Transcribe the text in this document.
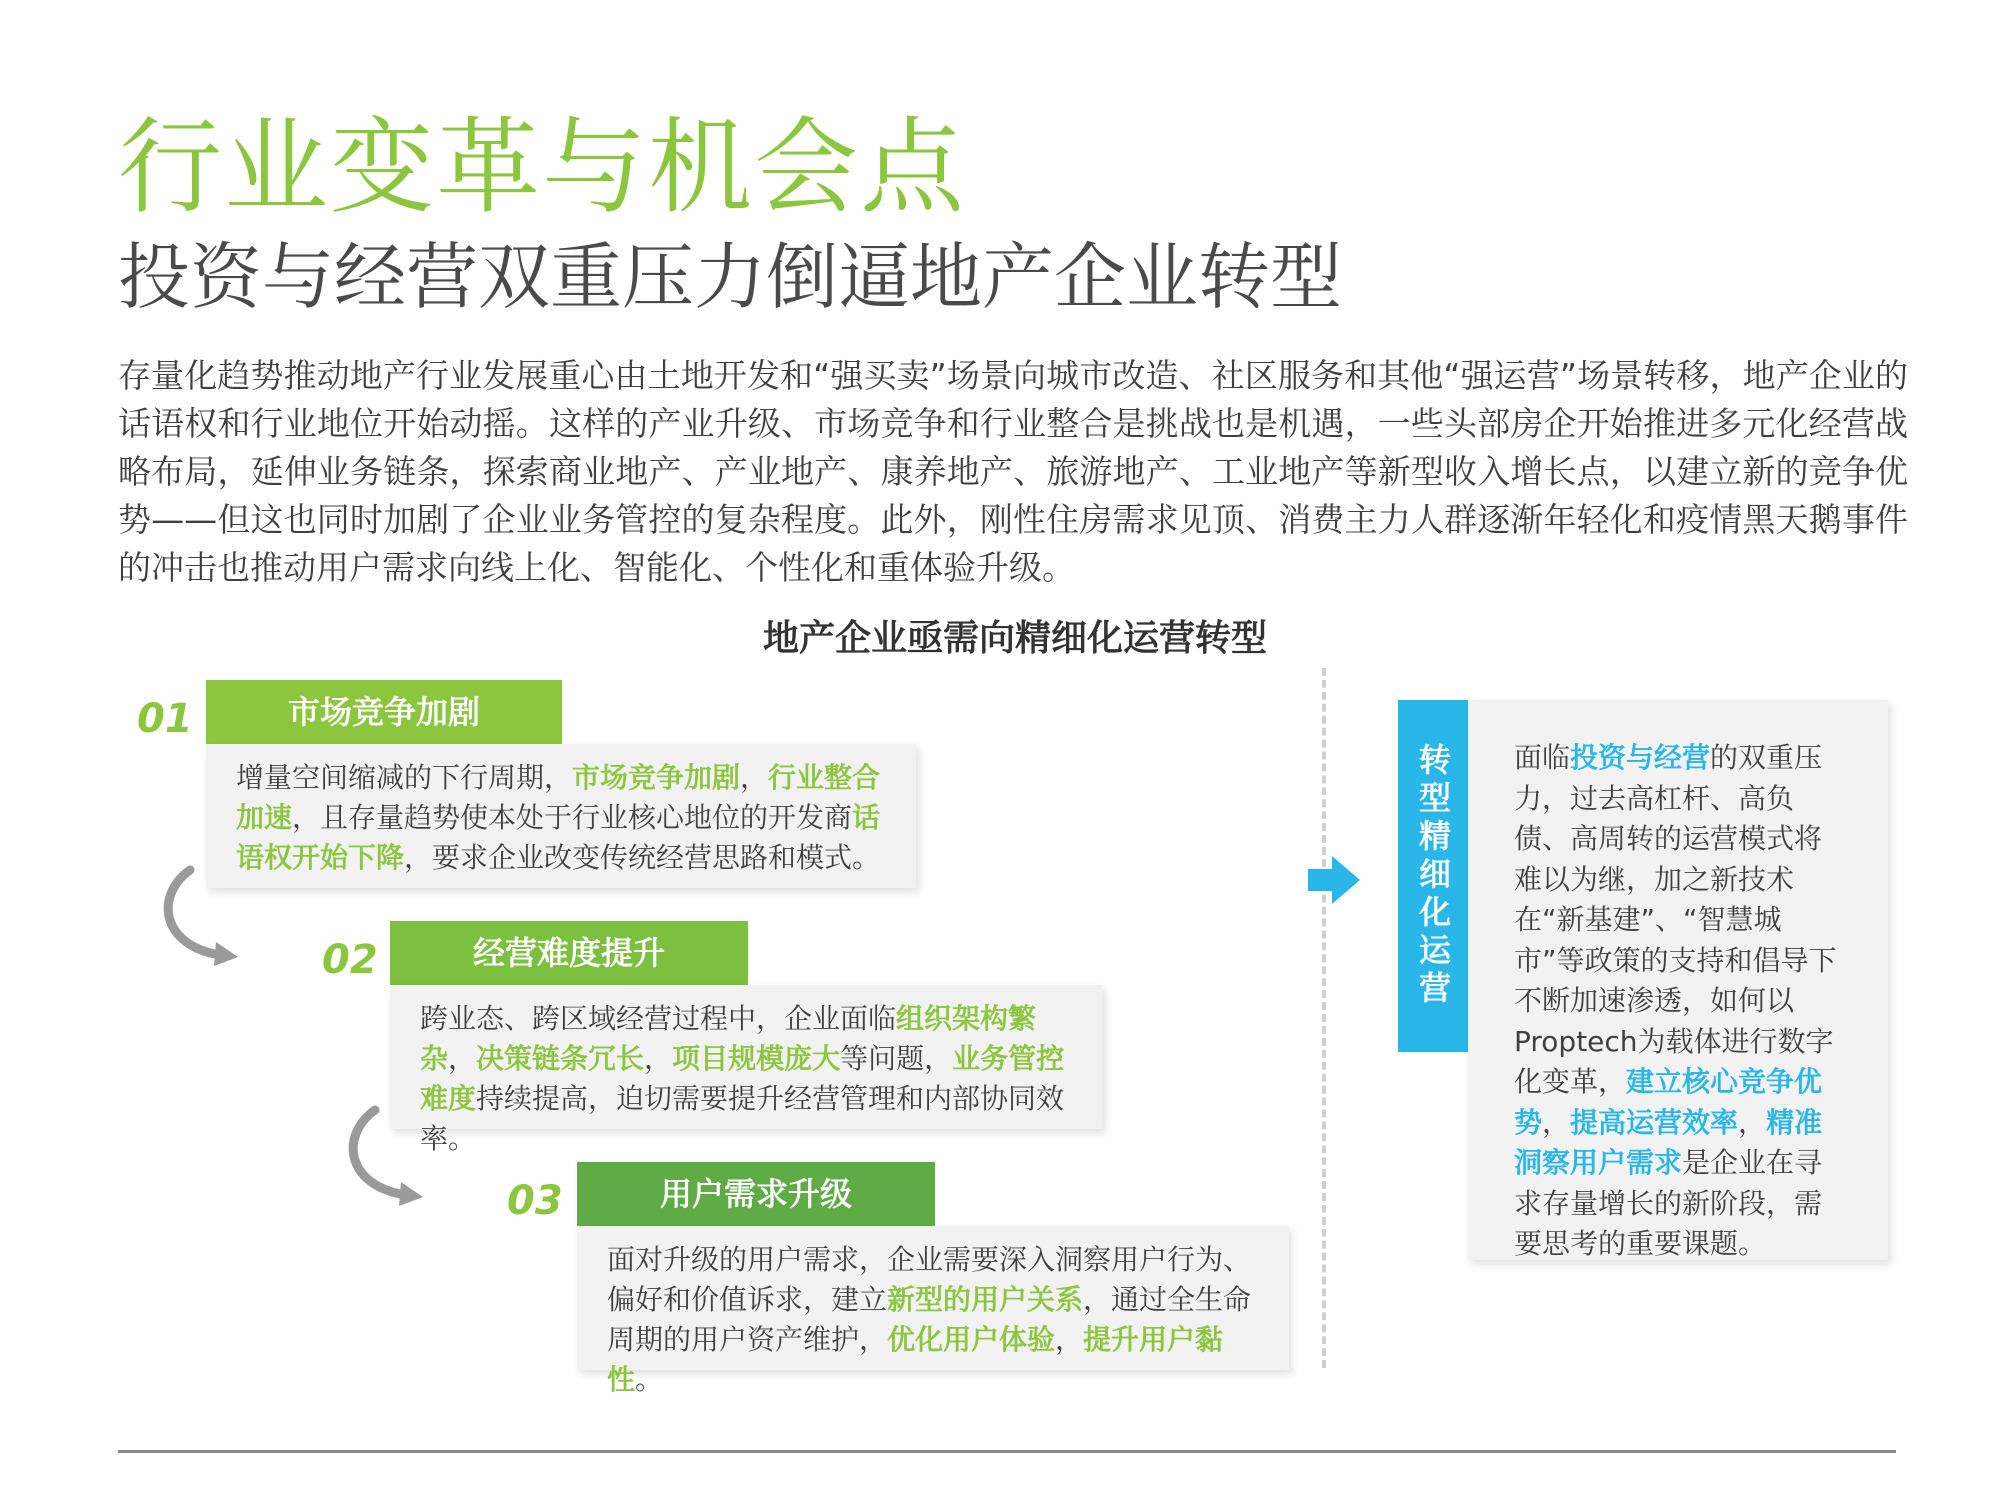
行业变革与机会点
投资与经营双重压力倒逼地产企业转型

存量化趋势推动地产行业发展重心由土地开发和“强买卖”场景向城市改造、社区服务和其他“强运营”场景转移，地产企业的话语权和行业地位开始动摇。这样的产业升级、市场竞争和行业整合是挑战也是机遇，一些头部房企开始推进多元化经营战略布局，延伸业务链条，探索商业地产、产业地产、康养地产、旅游地产、工业地产等新型收入增长点，以建立新的竞争优势——但这也同时加剧了企业业务管控的复杂程度。此外，刚性住房需求见顶、消费主力人群逐渐年轻化和疫情黑天鹅事件的冲击也推动用户需求向线上化、智能化、个性化和重体验升级。

地产企业亟需向精细化运营转型
01	市场竞争加剧
增量空间缩减的下行周期，市场竞争加剧，行业整合加速，且存量趋势使本处于行业核心地位的开发商话语权开始下降，要求企业改变传统经营思路和模式。
02	经营难度提升
跨业态、跨区域经营过程中，企业面临组织架构繁杂，决策链条冗长，项目规模庞大等问题，业务管控难度持续提高，迫切需要提升经营管理和内部协同效率。
03	用户需求升级
面对升级的用户需求，企业需要深入洞察用户行为、偏好和价值诉求，建立新型的用户关系，通过全生命周期的用户资产维护，优化用户体验，提升用户黏性。
转型精细化运营	面临投资与经营的双重压力，过去高杠杆、高负债、高周转的运营模式将难以为继，加之新技术在“新基建”、“智慧城市”等政策的支持和倡导下不断加速渗透，如何以Proptech为载体进行数字化变革，建立核心竞争优势，提高运营效率，精准洞察用户需求是企业在寻求存量增长的新阶段，需要思考的重要课题。
